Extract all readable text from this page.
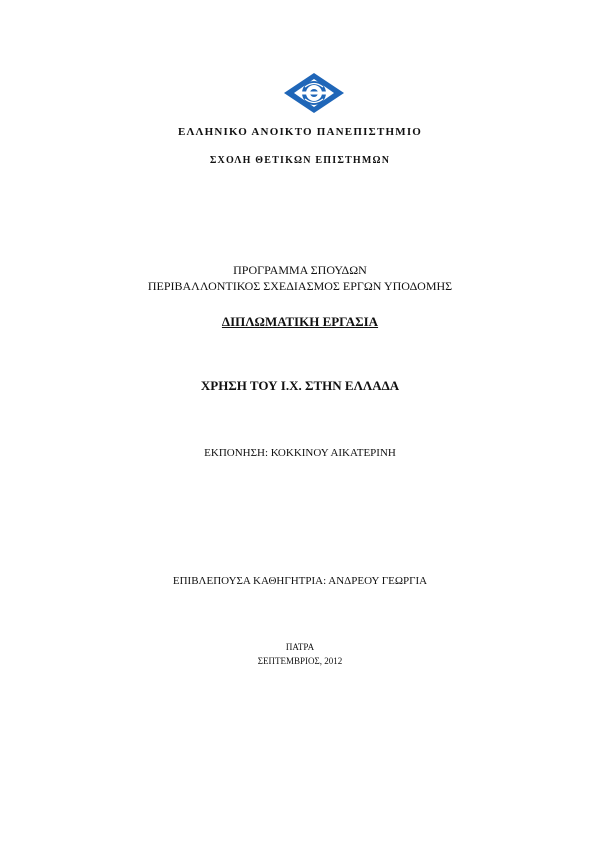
ΕΛΛΗΝΙΚΟ ΑΝΟΙΚΤΟ ΠΑΝΕΠΙΣΤΗΜΙΟ
ΣΧΟΛΗ ΘΕΤΙΚΩΝ ΕΠΙΣΤΗΜΩΝ
ΠΡΟΓΡΑΜΜΑ ΣΠΟΥΔΩΝ
ΠΕΡΙΒΑΛΛΟΝΤΙΚΟΣ ΣΧΕΔΙΑΣΜΟΣ ΕΡΓΩΝ ΥΠΟΔΟΜΗΣ
ΔΙΠΛΩΜΑΤΙΚΗ ΕΡΓΑΣΙΑ
ΧΡΗΣΗ ΤΟΥ Ι.Χ. ΣΤΗΝ ΕΛΛΑΔΑ
ΕΚΠΟΝΗΣΗ: ΚΟΚΚΙΝΟΥ ΑΙΚΑΤΕΡΙΝΗ
ΕΠΙΒΛΕΠΟΥΣΑ ΚΑΘΗΓΗΤΡΙΑ: ΑΝΔΡΕΟΥ ΓΕΩΡΓΙΑ
ΠΑΤΡΑ
ΣΕΠΤΕΜΒΡΙΟΣ, 2012
